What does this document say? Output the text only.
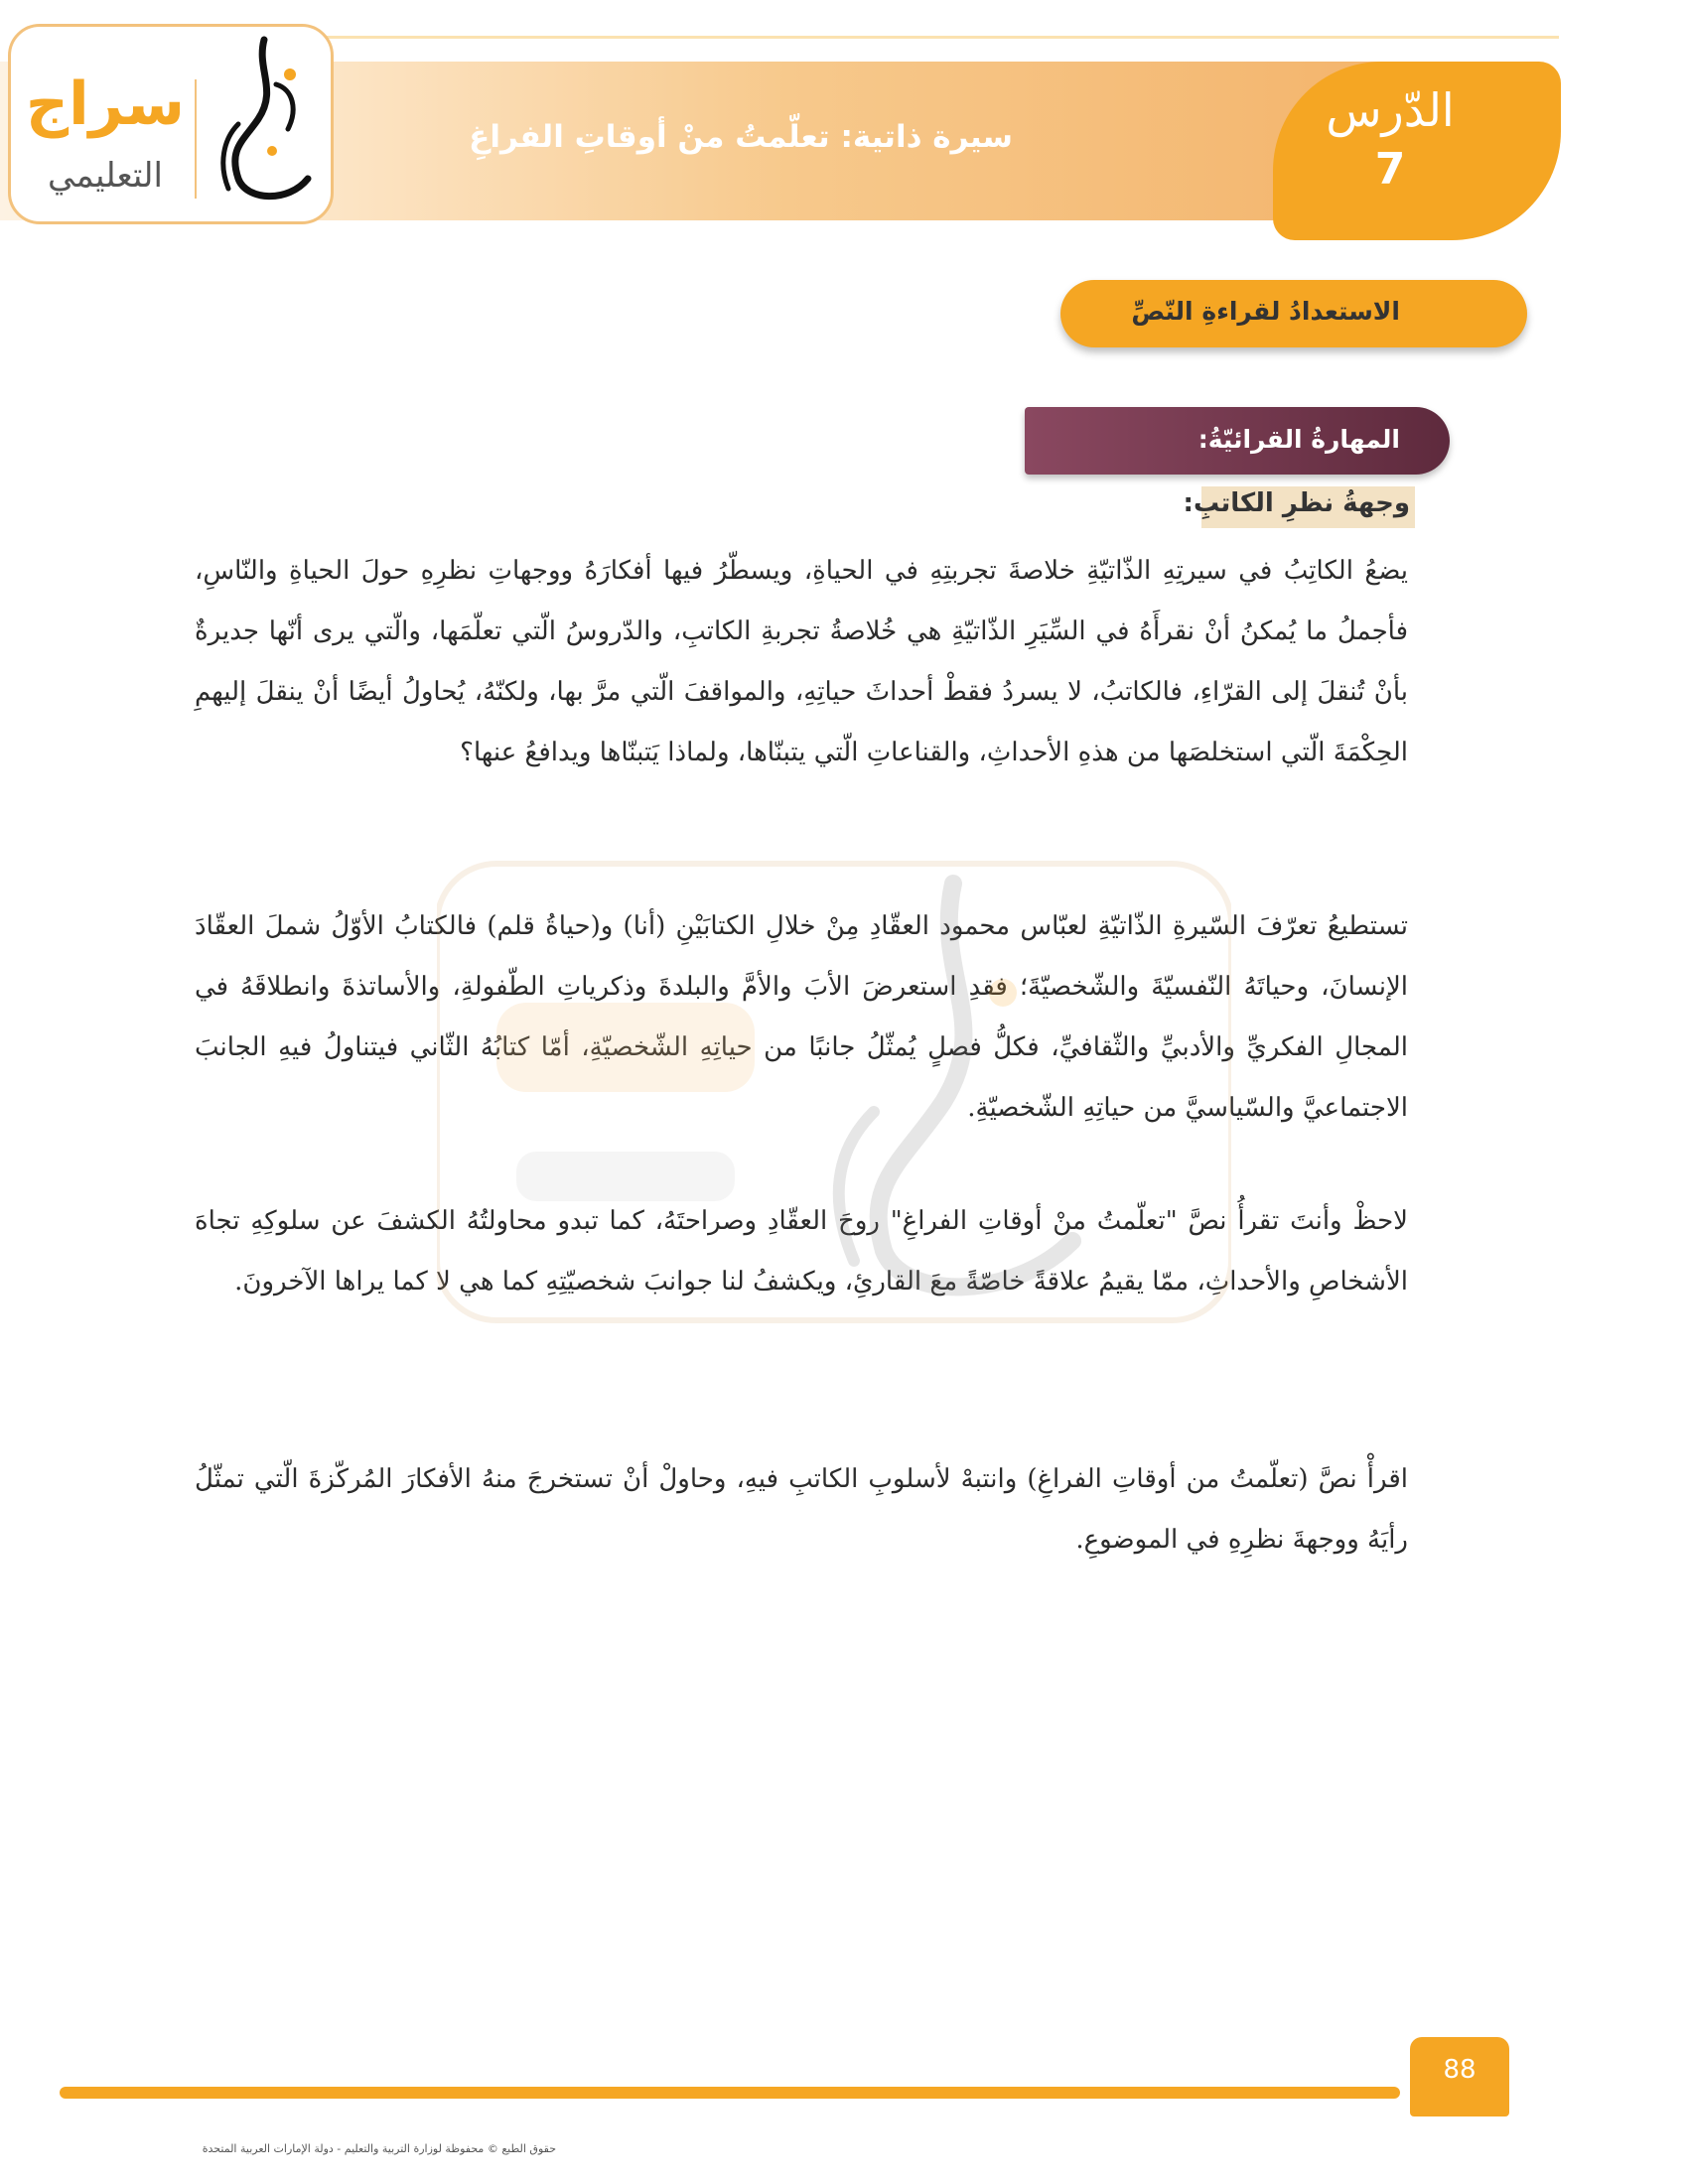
سيرة ذاتية: تعلّمتُ منْ أوقاتِ الفراغِ	الدّرس
7
سراج
التعليمي
الاستعدادُ لقراءةِ النّصِّ
المهارةُ القرائيّةُ:
وجهةُ نظرِ الكاتبِ:

يضعُ الكاتِبُ في سيرتِهِ الذّاتيّةِ خلاصةَ تجربتِهِ في الحياةِ، ويسطّرُ فيها أفكارَهُ ووجهاتِ نظرِهِ حولَ الحياةِ والنّاسِ، فأجملُ ما يُمكنُ أنْ نقرأَهُ في السِّيَرِ الذّاتيّةِ هي خُلاصةُ تجربةِ الكاتبِ، والدّروسُ الّتي تعلّمَها، والّتي يرى أنّها جديرةٌ بأنْ تُنقلَ إلى القرّاءِ، فالكاتبُ، لا يسردُ فقطْ أحداثَ حياتِهِ، والمواقفَ الّتي مرَّ بها، ولكنّهُ، يُحاولُ أيضًا أنْ ينقلَ إليهمِ الحِكْمَةَ الّتي استخلصَها من هذهِ الأحداثِ، والقناعاتِ الّتي يتبنّاها، ولماذا يَتبنّاها ويدافعُ عنها؟

تستطيعُ تعرّفَ السّيرةِ الذّاتيّةِ لعبّاس محمود العقّادِ مِنْ خلالِ الكتابَيْنِ (أنا) و(حياةُ قلم) فالكتابُ الأوّلُ شملَ العقّادَ الإنسانَ، وحياتَهُ النّفسيّةَ والشّخصيّةَ؛ فقدِ استعرضَ الأبَ والأمَّ والبلدةَ وذكرياتِ الطّفولةِ، والأساتذةَ وانطلاقَهُ في المجالِ الفكريِّ والأدبيِّ والثّقافيِّ، فكلُّ فصلٍ يُمثّلُ جانبًا من حياتِهِ الشّخصيّةِ، أمّا كتابُهُ الثّاني فيتناولُ فيهِ الجانبَ الاجتماعيَّ والسّياسيَّ من حياتِهِ الشّخصيّةِ.

لاحظْ وأنتَ تقرأُ نصَّ "تعلّمتُ منْ أوقاتِ الفراغِ" روحَ العقّادِ وصراحتَهُ، كما تبدو محاولتُهُ الكشفَ عن سلوكِهِ تجاهَ الأشخاصِ والأحداثِ، ممّا يقيمُ علاقةً خاصّةً معَ القارئِ، ويكشفُ لنا جوانبَ شخصيّتِهِ كما هي لا كما يراها الآخرونَ.

اقرأْ نصَّ (تعلّمتُ من أوقاتِ الفراغِ) وانتبهْ لأسلوبِ الكاتبِ فيهِ، وحاولْ أنْ تستخرجَ منهُ الأفكارَ المُركّزةَ الّتي تمثّلُ رأيَهُ ووجهةَ نظرِهِ في الموضوعِ.

88
حقوق الطبع © محفوظة لوزارة التربية والتعليم - دولة الإمارات العربية المتحدة
